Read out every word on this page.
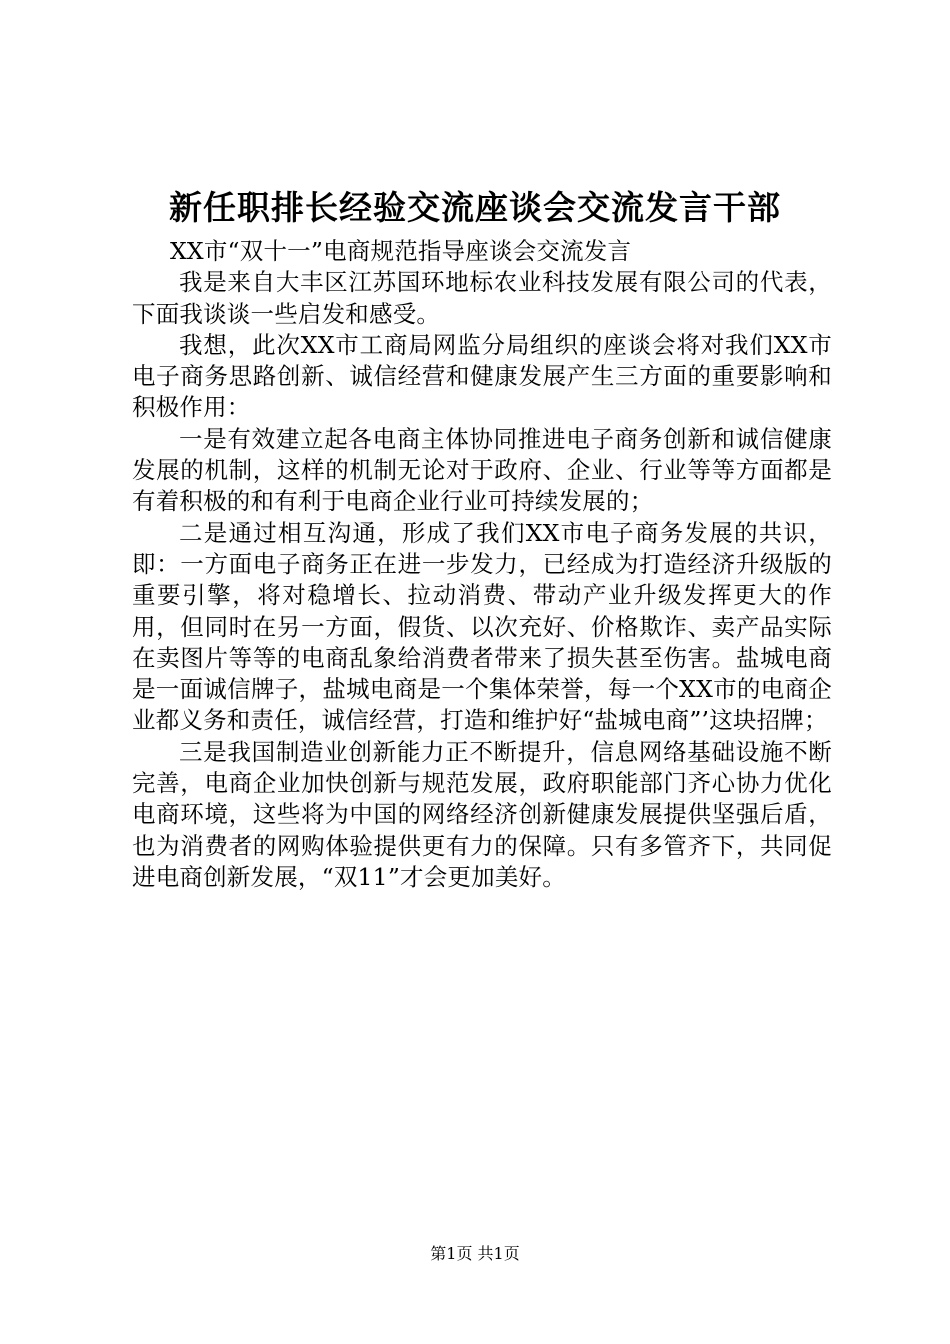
新任职排长经验交流座谈会交流发言干部

XX市“双十一”电商规范指导座谈会交流发言

我是来自大丰区江苏国环地标农业科技发展有限公司的代表，下面我谈谈一些启发和感受。

我想，此次XX市工商局网监分局组织的座谈会将对我们XX市电子商务思路创新、诚信经营和健康发展产生三方面的重要影响和积极作用：

一是有效建立起各电商主体协同推进电子商务创新和诚信健康发展的机制，这样的机制无论对于政府、企业、行业等等方面都是有着积极的和有利于电商企业行业可持续发展的；

二是通过相互沟通，形成了我们XX市电子商务发展的共识，即：一方面电子商务正在进一步发力，已经成为打造经济升级版的重要引擎，将对稳增长、拉动消费、带动产业升级发挥更大的作用，但同时在另一方面，假货、以次充好、价格欺诈、卖产品实际在卖图片等等的电商乱象给消费者带来了损失甚至伤害。盐城电商是一面诚信牌子，盐城电商是一个集体荣誉，每一个XX市的电商企业都义务和责任，诚信经营，打造和维护好“盐城电商”’这块招牌；

三是我国制造业创新能力正不断提升，信息网络基础设施不断完善，电商企业加快创新与规范发展，政府职能部门齐心协力优化电商环境，这些将为中国的网络经济创新健康发展提供坚强后盾，也为消费者的网购体验提供更有力的保障。只有多管齐下，共同促进电商创新发展，“双11”才会更加美好。

第1页 共1页
